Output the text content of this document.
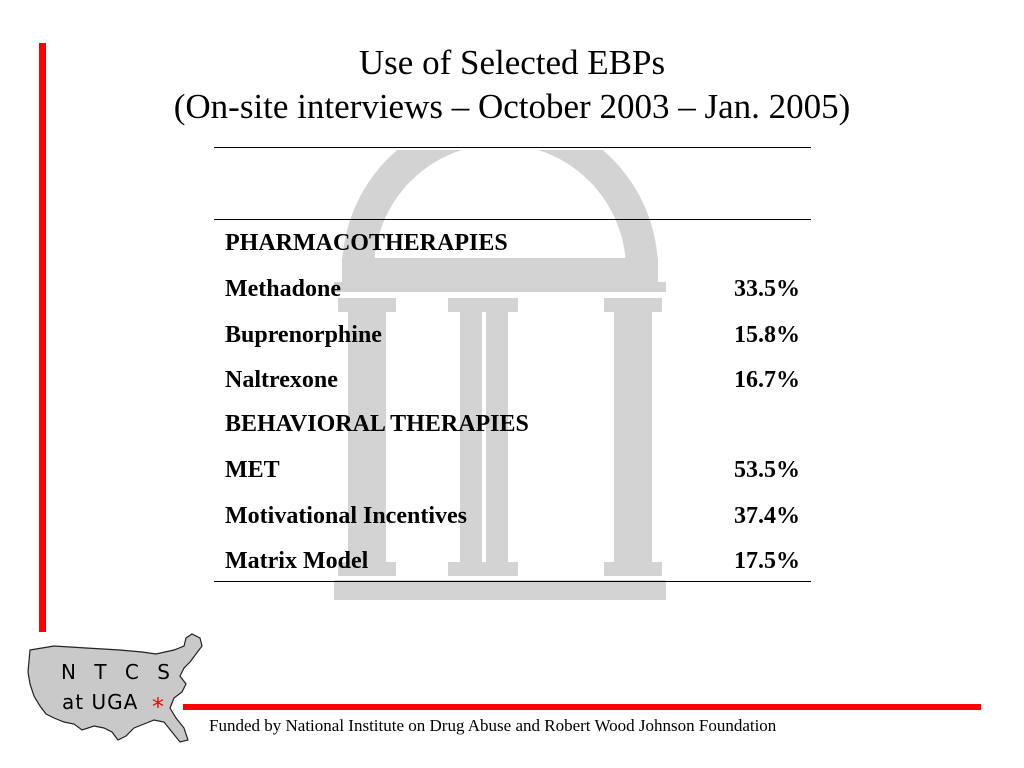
Use of Selected EBPs
(On-site interviews – October 2003 – Jan. 2005)
PHARMACOTHERAPIES
Methadone	33.5%
Buprenorphine	15.8%
Naltrexone	16.7%
BEHAVIORAL THERAPIES
MET	53.5%
Motivational Incentives	37.4%
Matrix Model	17.5%
N T C S
at UGA *
Funded by National Institute on Drug Abuse and Robert Wood Johnson Foundation
